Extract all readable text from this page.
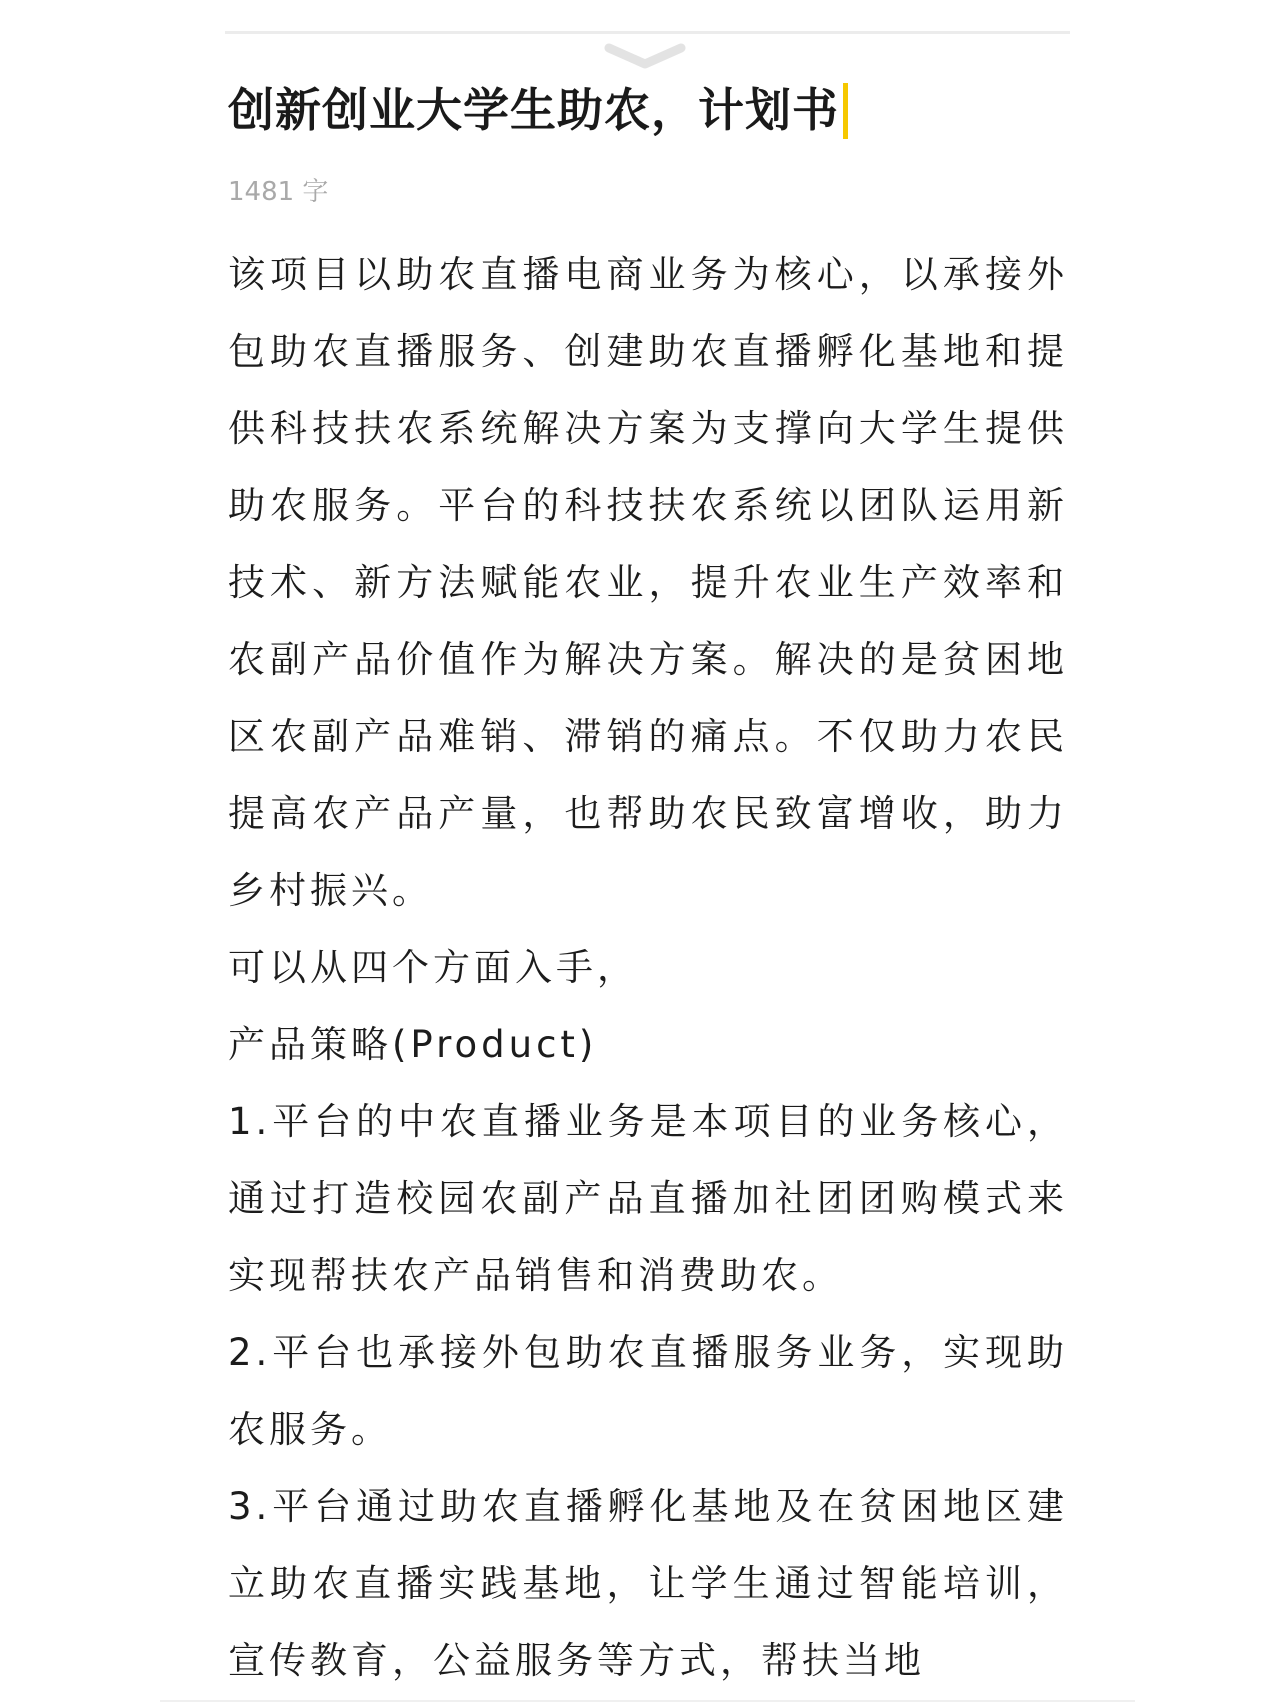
创新创业大学生助农，计划书
1481 字

该项目以助农直播电商业务为核心，以承接外包助农直播服务、创建助农直播孵化基地和提供科技扶农系统解决方案为支撑向大学生提供助农服务。平台的科技扶农系统以团队运用新技术、新方法赋能农业，提升农业生产效率和农副产品价值作为解决方案。解决的是贫困地区农副产品难销、滞销的痛点。不仅助力农民提高农产品产量，也帮助农民致富增收，助力乡村振兴。

可以从四个方面入手，

产品策略(Product)

1.平台的中农直播业务是本项目的业务核心，通过打造校园农副产品直播加社团团购模式来实现帮扶农产品销售和消费助农。

2.平台也承接外包助农直播服务业务，实现助农服务。

3.平台通过助农直播孵化基地及在贫困地区建立助农直播实践基地，让学生通过智能培训，宣传教育，公益服务等方式，帮扶当地
